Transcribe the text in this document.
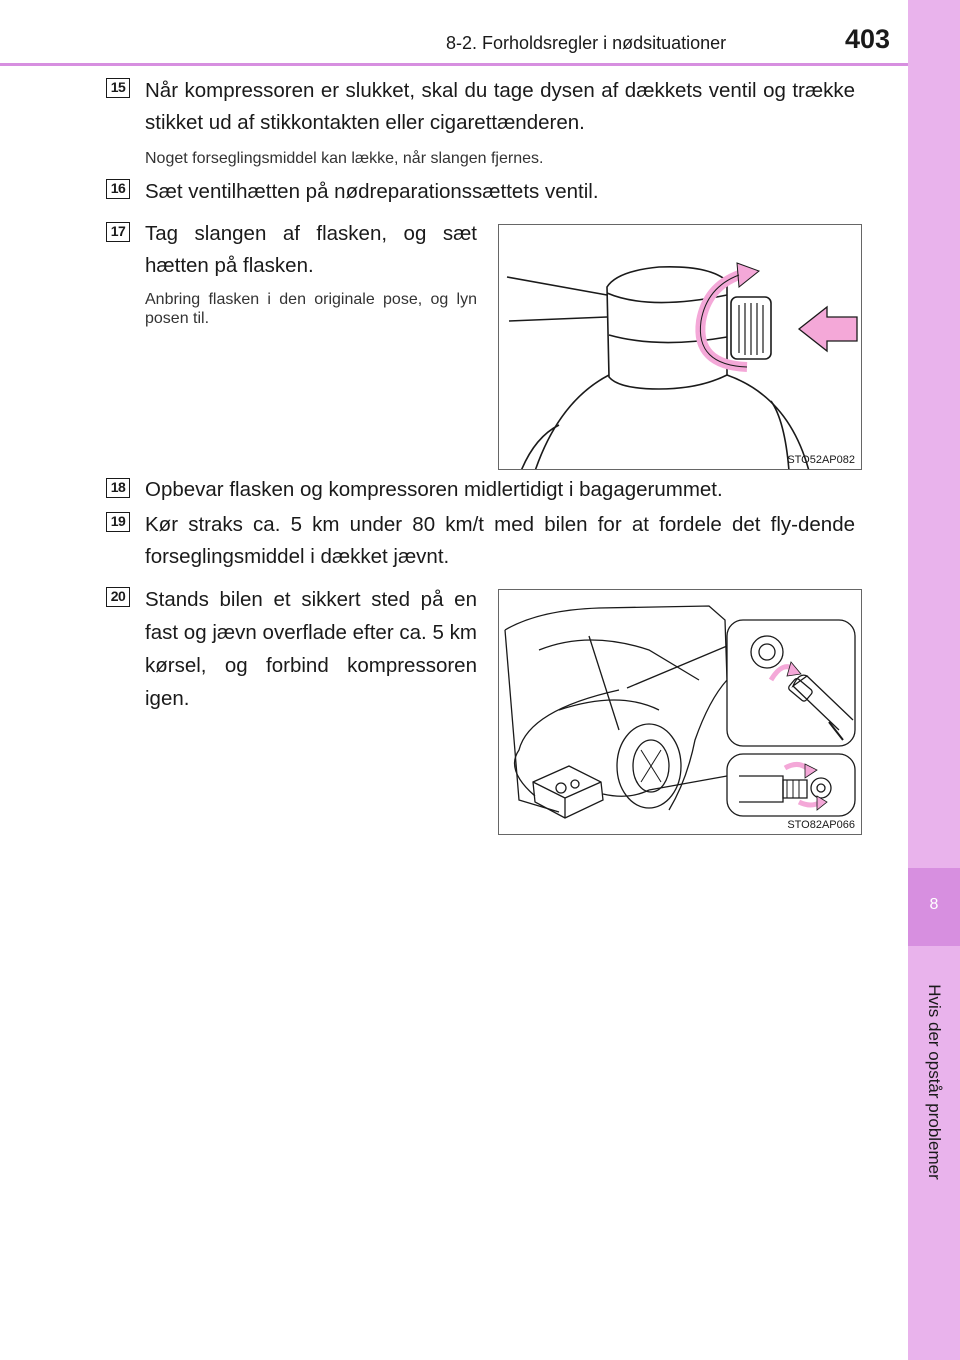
8
Hvis der opstår problemer
8-2. Forholdsregler i nødsituationer	403
15 Når kompressoren er slukket, skal du tage dysen af dækkets ventil og trække stikket ud af stikkontakten eller cigarettænderen.
Noget forseglingsmiddel kan lække, når slangen fjernes.
16 Sæt ventilhætten på nødreparationssættets ventil.
17 Tag slangen af flasken, og sæt hætten på flasken.
Anbring flasken i den originale pose, og lyn posen til.
STO52AP082
18 Opbevar flasken og kompressoren midlertidigt i bagagerummet.
19 Kør straks ca. 5 km under 80 km/t med bilen for at fordele det fly-dende forseglingsmiddel i dækket jævnt.
20 Stands bilen et sikkert sted på en fast og jævn overflade efter ca. 5 km kørsel, og forbind kompressoren igen.
STO82AP066
